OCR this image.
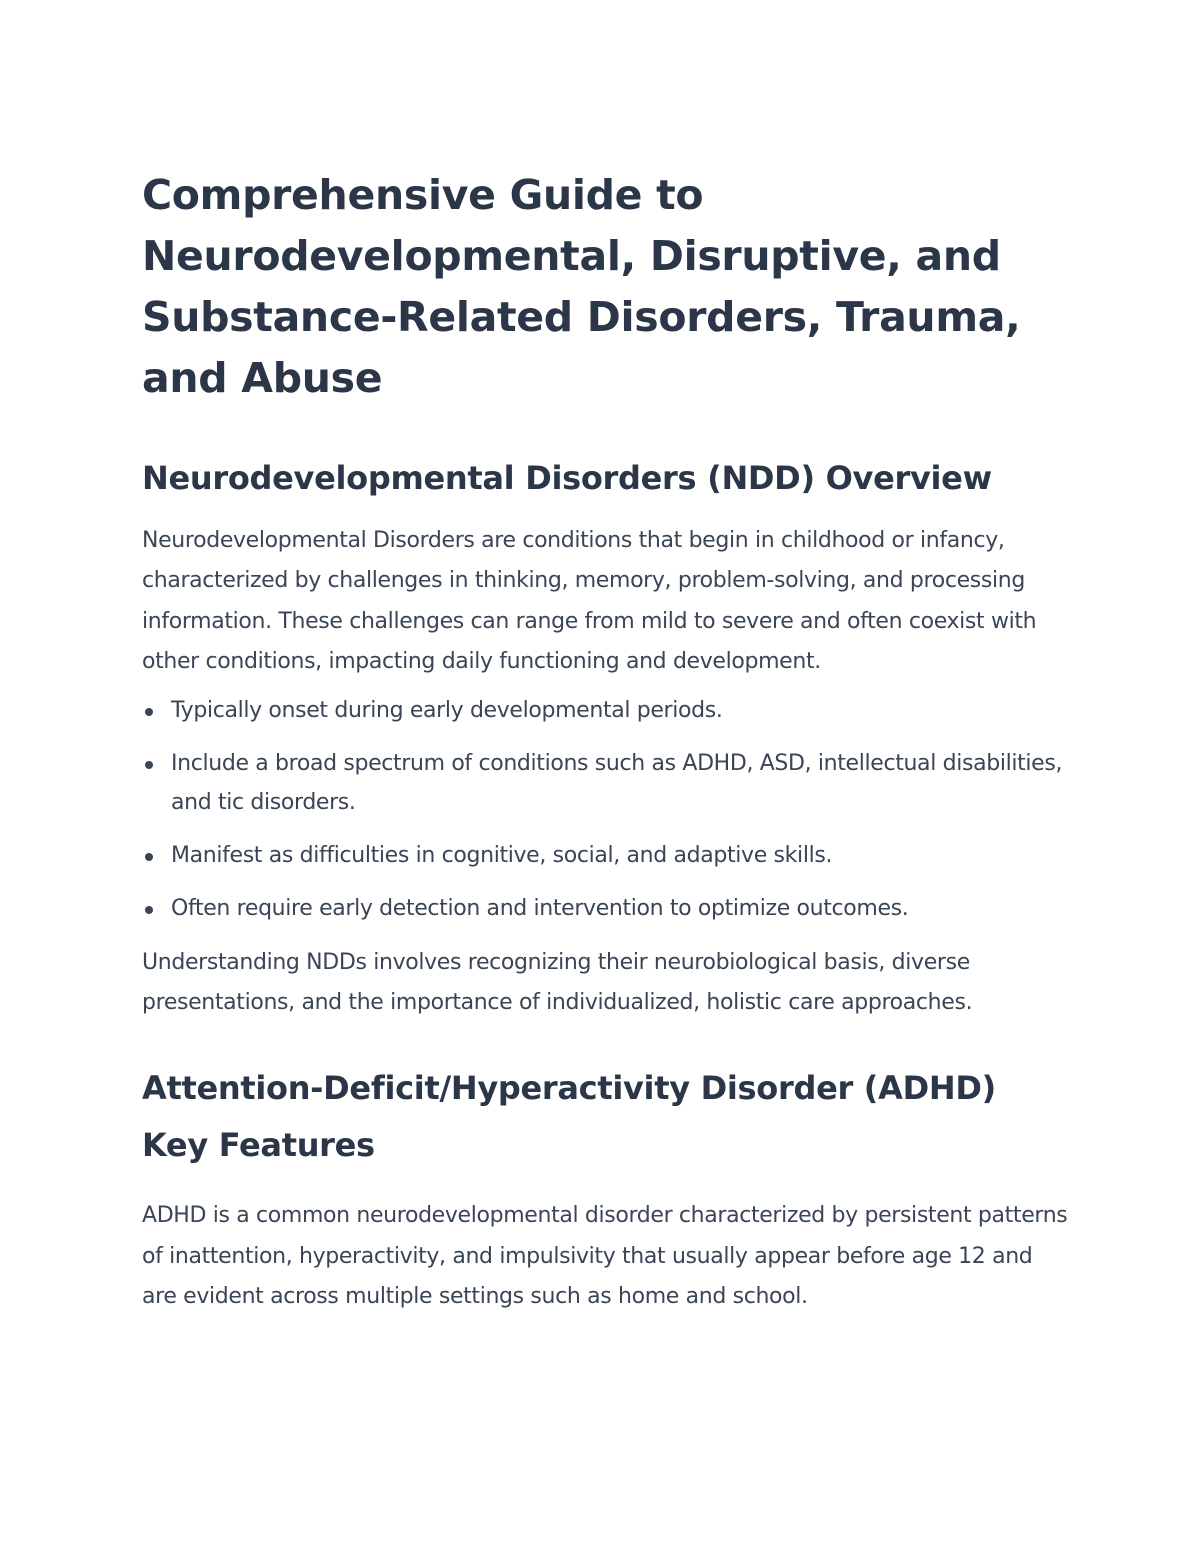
Comprehensive Guide to Neurodevelopmental, Disruptive, and Substance-Related Disorders, Trauma, and Abuse
Neurodevelopmental Disorders (NDD) Overview

Neurodevelopmental Disorders are conditions that begin in childhood or infancy, characterized by challenges in thinking, memory, problem-solving, and processing information. These challenges can range from mild to severe and often coexist with other conditions, impacting daily functioning and development.

Typically onset during early developmental periods.
Include a broad spectrum of conditions such as ADHD, ASD, intellectual disabilities, and tic disorders.
Manifest as difficulties in cognitive, social, and adaptive skills.
Often require early detection and intervention to optimize outcomes.

Understanding NDDs involves recognizing their neurobiological basis, diverse presentations, and the importance of individualized, holistic care approaches.

Attention-Deficit/Hyperactivity Disorder (ADHD) Key Features

ADHD is a common neurodevelopmental disorder characterized by persistent patterns of inattention, hyperactivity, and impulsivity that usually appear before age 12 and are evident across multiple settings such as home and school.
